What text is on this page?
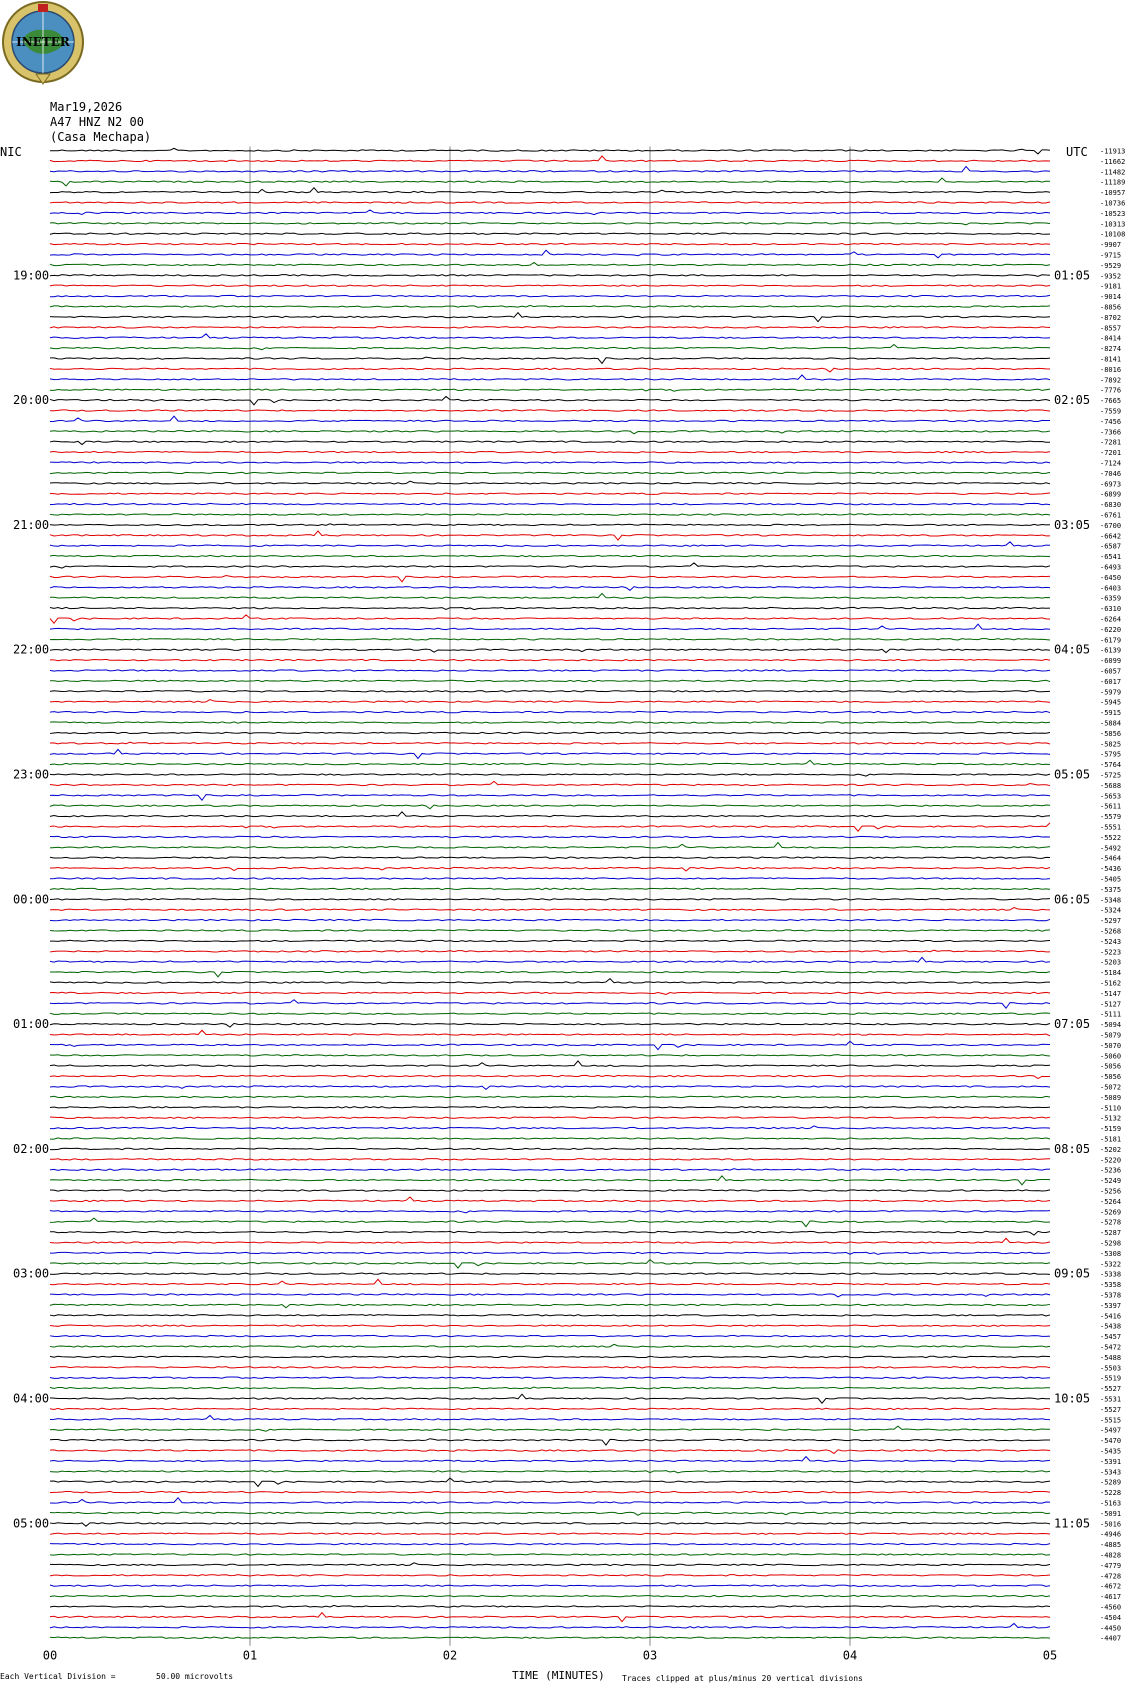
INETER
Mar19,2026
A47 HNZ N2 00
(Casa Mechapa)
-11913
-11662
-11482
-11189
-10957
-10736
-10523
-10313
-10108
-9907
-9715
-9529
-9352
-9181
-9014
-8856
-8702
-8557
-8414
-8274
-8141
-8016
-7892
-7776
-7665
-7559
-7456
-7366
-7281
-7201
-7124
-7046
-6973
-6899
-6830
-6761
-6700
-6642
-6587
-6541
-6493
-6450
-6403
-6359
-6310
-6264
-6220
-6179
-6139
-6099
-6057
-6017
-5979
-5945
-5915
-5884
-5856
-5825
-5795
-5764
-5725
-5688
-5653
-5611
-5579
-5551
-5522
-5492
-5464
-5436
-5405
-5375
-5348
-5324
-5297
-5268
-5243
-5223
-5203
-5184
-5162
-5147
-5127
-5111
-5094
-5079
-5070
-5060
-5056
-5056
-5072
-5089
-5110
-5132
-5159
-5181
-5202
-5220
-5236
-5249
-5256
-5264
-5269
-5278
-5287
-5298
-5308
-5322
-5338
-5358
-5378
-5397
-5416
-5438
-5457
-5472
-5488
-5503
-5519
-5527
-5531
-5527
-5515
-5497
-5470
-5435
-5391
-5343
-5289
-5228
-5163
-5091
-5016
-4946
-4885
-4828
-4779
-4728
-4672
-4617
-4560
-4504
-4450
-4407
19:00
20:00
21:00
22:00
23:00
00:00
01:00
02:00
03:00
04:00
05:00
01:05
02:05
03:05
04:05
05:05
06:05
07:05
08:05
09:05
10:05
11:05
00	01	02	03	04	05
NIC	UTC
TIME (MINUTES)
Each Vertical Division =	50.00 microvolts	Traces clipped at plus/minus 20 vertical divisions
